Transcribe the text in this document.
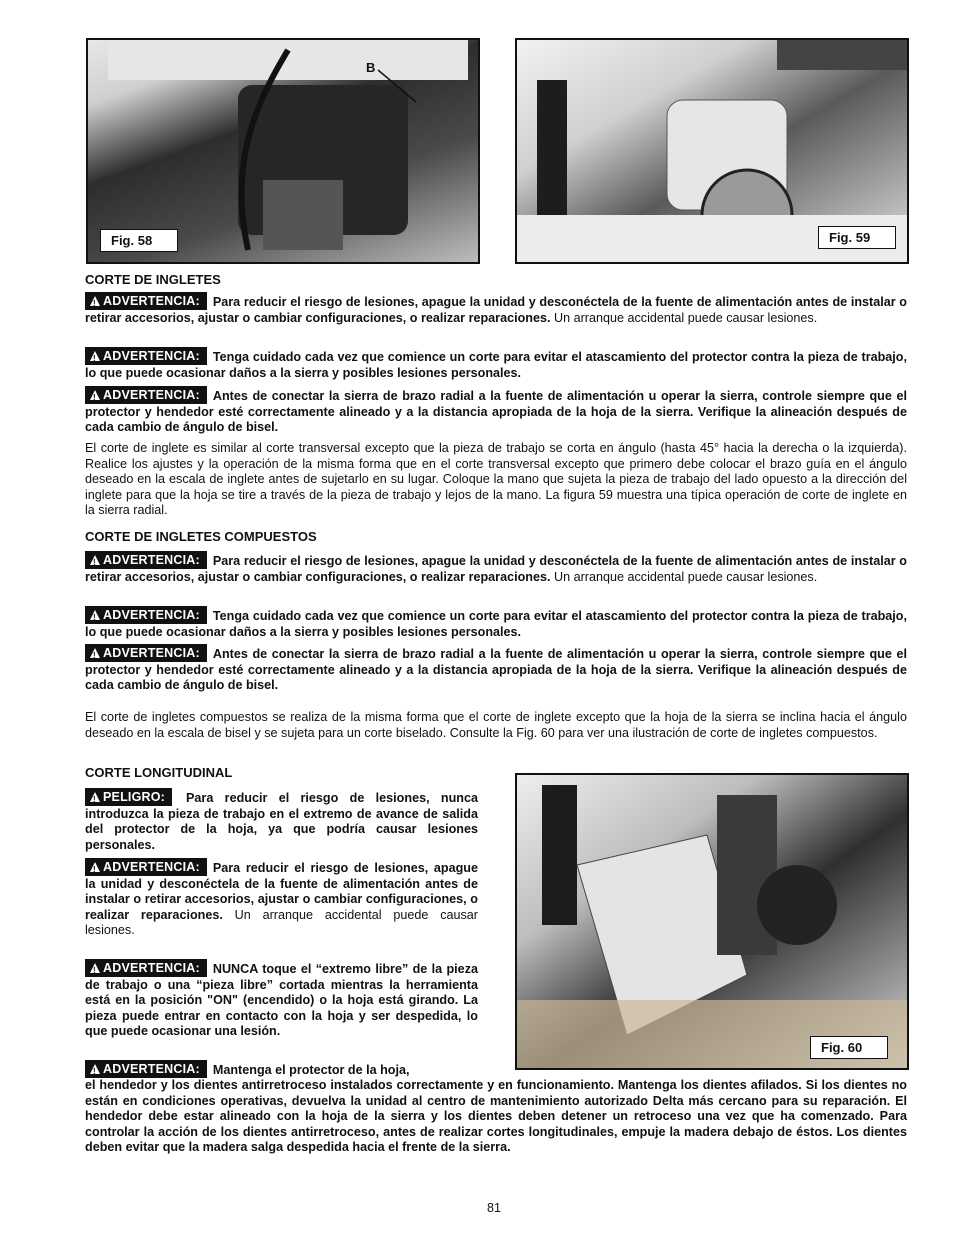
B
Fig. 58	Fig. 59
CORTE DE INGLETES
!ADVERTENCIA: Para reducir el riesgo de lesiones, apague la unidad y desconéctela de la fuente de alimentación antes de instalar o retirar accesorios, ajustar o cambiar configuraciones, o realizar reparaciones. Un arranque accidental puede causar lesiones.
!ADVERTENCIA: Tenga cuidado cada vez que comience un corte para evitar el atascamiento del protector contra la pieza de trabajo, lo que puede ocasionar daños a la sierra y posibles lesiones personales.
!ADVERTENCIA: Antes de conectar la sierra de brazo radial a la fuente de alimentación u operar la sierra, controle siempre que el protector y hendedor esté correctamente alineado y a la distancia apropiada de la hoja de la sierra. Verifique la alineación después de cada cambio de ángulo de bisel.
El corte de inglete es similar al corte transversal excepto que la pieza de trabajo se corta en ángulo (hasta 45° hacia la derecha o la izquierda). Realice los ajustes y la operación de la misma forma que en el corte transversal excepto que primero debe colocar el brazo guía en el ángulo deseado en la escala de inglete antes de sujetarlo en su lugar. Coloque la mano que sujeta la pieza de trabajo del lado opuesto a la dirección del inglete para que la hoja se tire a través de la pieza de trabajo y lejos de la mano. La figura 59 muestra una típica operación de corte de inglete en la sierra radial.
CORTE DE INGLETES COMPUESTOS
!ADVERTENCIA: Para reducir el riesgo de lesiones, apague la unidad y desconéctela de la fuente de alimentación antes de instalar o retirar accesorios, ajustar o cambiar configuraciones, o realizar reparaciones. Un arranque accidental puede causar lesiones.
!ADVERTENCIA: Tenga cuidado cada vez que comience un corte para evitar el atascamiento del protector contra la pieza de trabajo, lo que puede ocasionar daños a la sierra y posibles lesiones personales.
!ADVERTENCIA: Antes de conectar la sierra de brazo radial a la fuente de alimentación u operar la sierra, controle siempre que el protector y hendedor esté correctamente alineado y a la distancia apropiada de la hoja de la sierra. Verifique la alineación después de cada cambio de ángulo de bisel.
El corte de ingletes compuestos se realiza de la misma forma que el corte de inglete excepto que la hoja de la sierra se inclina hacia el ángulo deseado en la escala de bisel y se sujeta para un corte biselado. Consulte la Fig. 60 para ver una ilustración de corte de ingletes compuestos.
CORTE LONGITUDINAL
!PELIGRO: Para reducir el riesgo de lesiones, nunca introduzca la pieza de trabajo en el extremo de avance de salida del protector de la hoja, ya que podría causar lesiones personales.
!ADVERTENCIA: Para reducir el riesgo de lesiones, apague la unidad y desconéctela de la fuente de alimentación antes de instalar o retirar accesorios, ajustar o cambiar configuraciones, o realizar reparaciones. Un arranque accidental puede causar lesiones.
!ADVERTENCIA: NUNCA toque el “extremo libre” de la pieza de trabajo o una “pieza libre” cortada mientras la herramienta está en la posición "ON" (encendido) o la hoja está girando. La pieza puede entrar en contacto con la hoja y ser despedida, lo que puede ocasionar una lesión.
!ADVERTENCIA: Mantenga el protector de la hoja,
el hendedor y los dientes antirretroceso instalados correctamente y en funcionamiento. Mantenga los dientes afilados. Si los dientes no están en condiciones operativas, devuelva la unidad al centro de mantenimiento autorizado Delta más cercano para su reparación. El hendedor debe estar alineado con la hoja de la sierra y los dientes deben detener un retroceso una vez que ha comenzado. Para controlar la acción de los dientes antirretroceso, antes de realizar cortes longitudinales, empuje la madera debajo de éstos. Los dientes deben evitar que la madera salga despedida hacia el frente de la sierra.
Fig. 60
81
